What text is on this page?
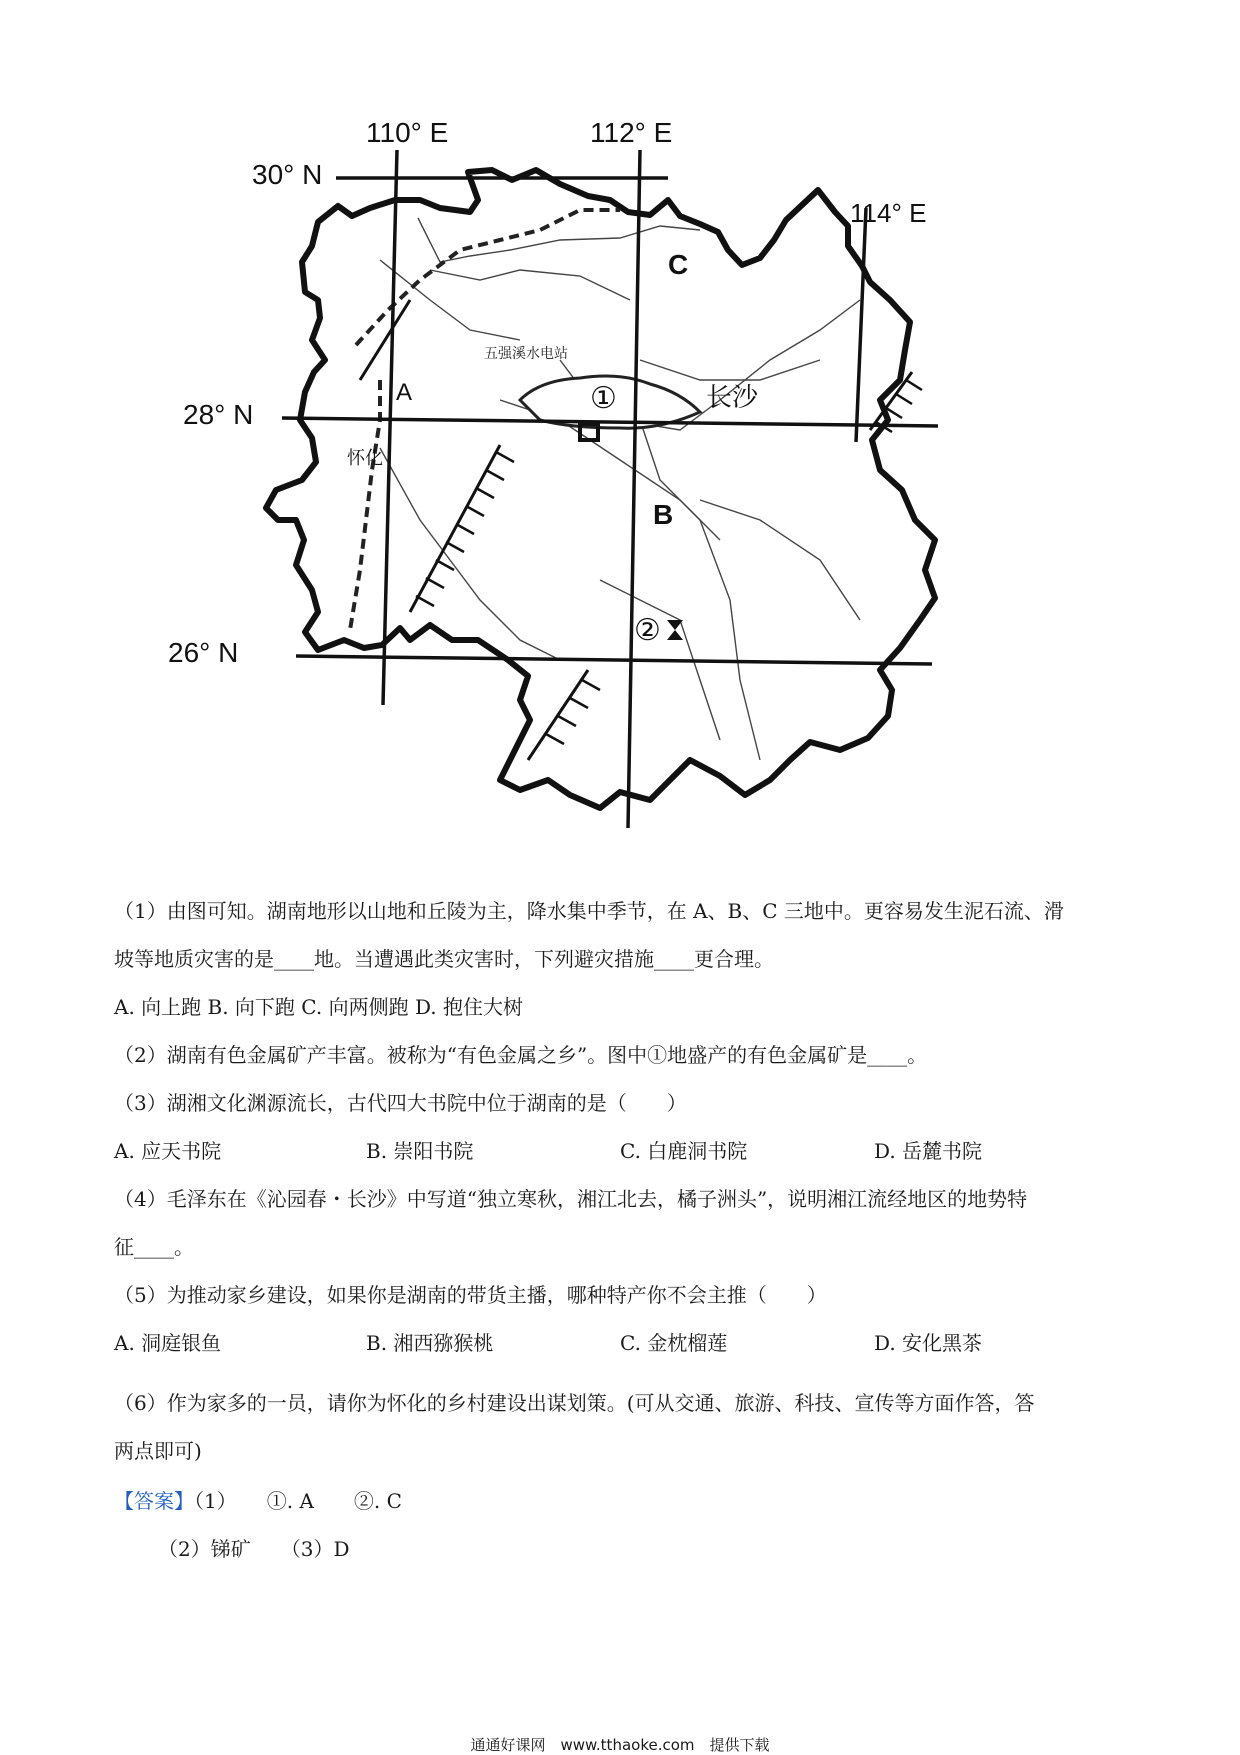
110° E	112° E
114° E
30° N
28° N
26° N
A
B
C
①
②
长沙
怀化
五强溪水电站
（1）由图可知。湖南地形以山地和丘陵为主，降水集中季节，在 A、B、C 三地中。更容易发生泥石流、滑
坡等地质灾害的是____地。当遭遇此类灾害时，下列避灾措施____更合理。
A. 向上跑 B. 向下跑 C. 向两侧跑 D. 抱住大树
（2）湖南有色金属矿产丰富。被称为“有色金属之乡”。图中①地盛产的有色金属矿是____。
（3）湖湘文化渊源流长，古代四大书院中位于湖南的是（　　）
A. 应天书院	B. 崇阳书院	C. 白鹿洞书院	D. 岳麓书院
（4）毛泽东在《沁园春・长沙》中写道“独立寒秋，湘江北去，橘子洲头”，说明湘江流经地区的地势特
征____。
（5）为推动家乡建设，如果你是湖南的带货主播，哪种特产你不会主推（　　）
A. 洞庭银鱼	B. 湘西猕猴桃	C. 金枕榴莲	D. 安化黑茶
（6）作为家多的一员，请你为怀化的乡村建设出谋划策。(可从交通、旅游、科技、宣传等方面作答，答
两点即可)
【答案】（1）　　①. A　　②. C
（2）锑矿　　（3）D
通通好课网　www.tthaoke.com　提供下载
